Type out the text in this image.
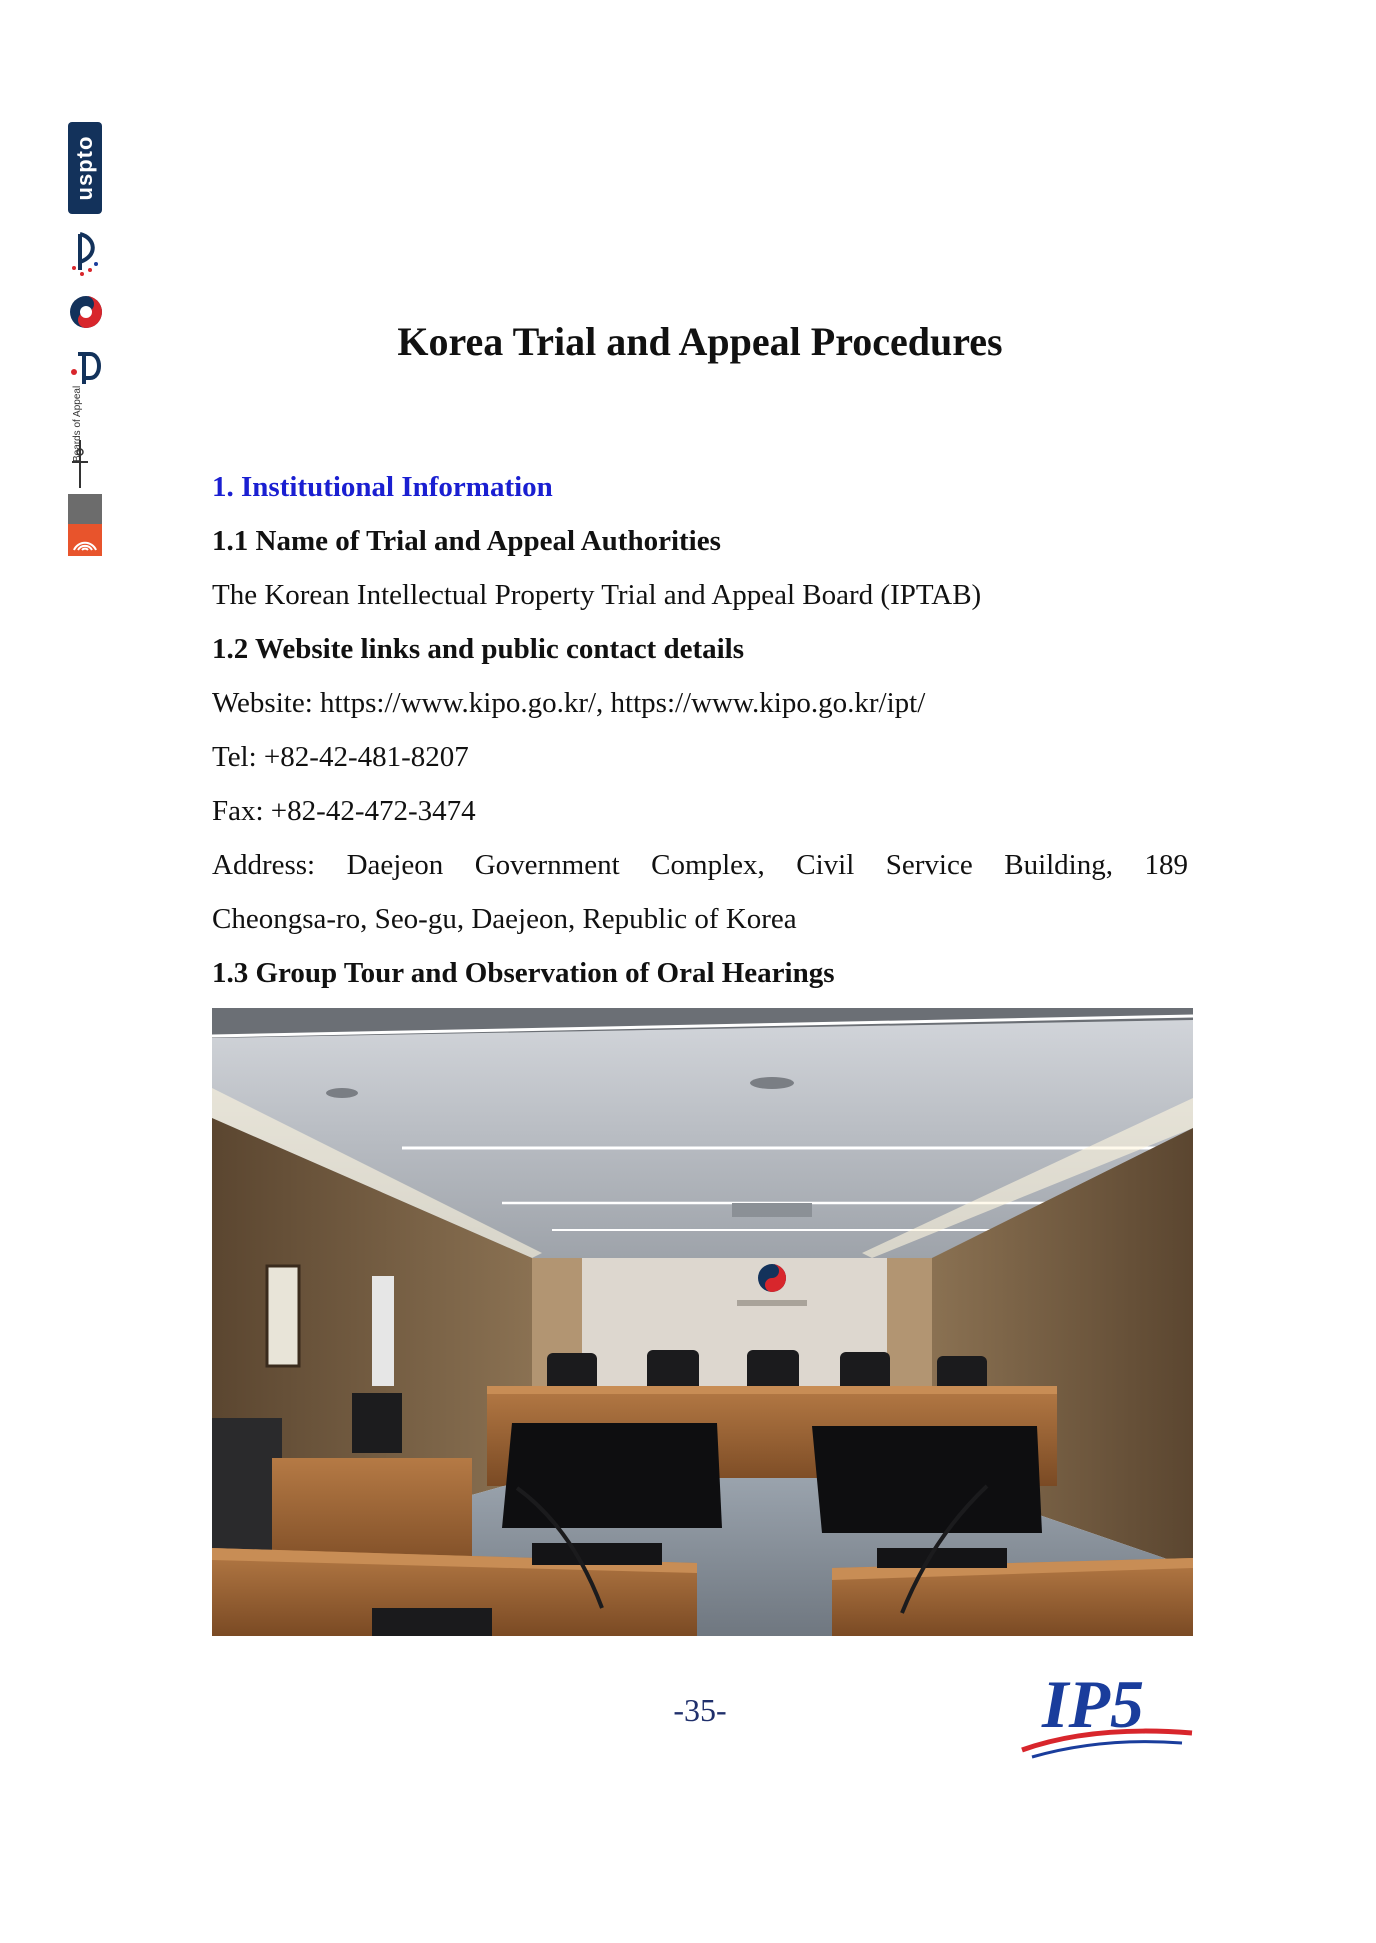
uspto
Boards of Appeal
Korea Trial and Appeal Procedures

1. Institutional Information

1.1 Name of Trial and Appeal Authorities

The Korean Intellectual Property Trial and Appeal Board (IPTAB)

1.2 Website links and public contact details

Website: https://www.kipo.go.kr/, https://www.kipo.go.kr/ipt/

Tel: +82-42-481-8207

Fax: +82-42-472-3474

Address: Daejeon Government Complex, Civil Service Building, 189
Cheongsa-ro, Seo-gu, Daejeon, Republic of Korea

1.3 Group Tour and Observation of Oral Hearings

-35-	IP5
